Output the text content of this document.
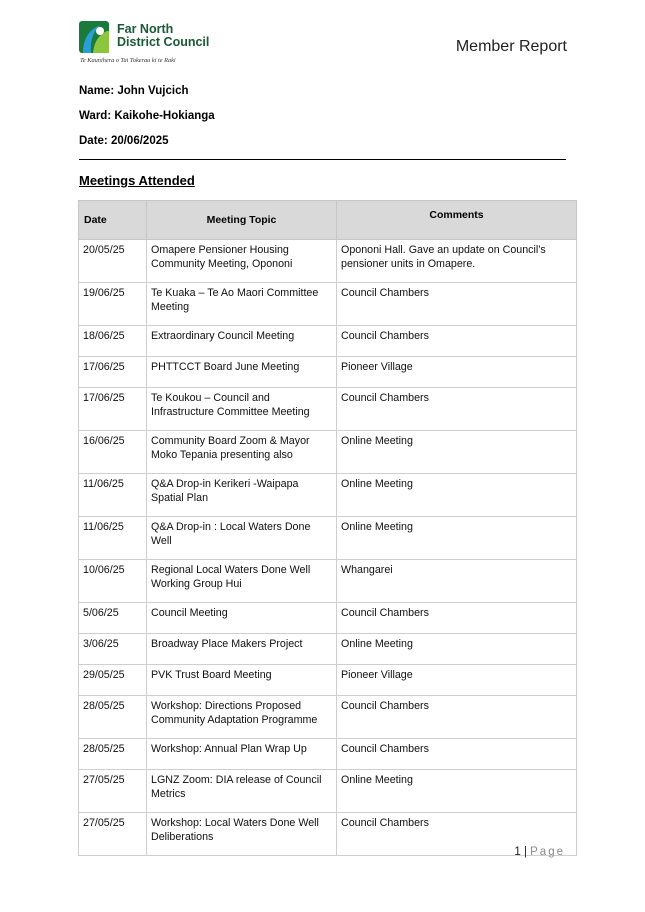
Far North
District Council
Te Kaunihera o Tai Tokerau ki te Raki
Member Report
Name: John Vujcich
Ward: Kaikohe-Hokianga
Date: 20/06/2025
Meetings Attended
Date	Meeting Topic	Comments
20/05/25	Omapere Pensioner Housing Community Meeting, Opononi	Opononi Hall. Gave an update on Council’s pensioner units in Omapere.
19/06/25	Te Kuaka – Te Ao Maori Committee Meeting	Council Chambers
18/06/25	Extraordinary Council Meeting	Council Chambers
17/06/25	PHTTCCT Board June Meeting	Pioneer Village
17/06/25	Te Koukou – Council and Infrastructure Committee Meeting	Council Chambers
16/06/25	Community Board Zoom & Mayor Moko Tepania presenting also	Online Meeting
11/06/25	Q&A Drop-in Kerikeri -Waipapa Spatial Plan	Online Meeting
11/06/25	Q&A Drop-in : Local Waters Done Well	Online Meeting
10/06/25	Regional Local Waters Done Well Working Group Hui	Whangarei
5/06/25	Council Meeting	Council Chambers
3/06/25	Broadway Place Makers Project	Online Meeting
29/05/25	PVK Trust Board Meeting	Pioneer Village
28/05/25	Workshop: Directions Proposed Community Adaptation Programme	Council Chambers
28/05/25	Workshop: Annual Plan Wrap Up	Council Chambers
27/05/25	LGNZ Zoom: DIA release of Council Metrics	Online Meeting
27/05/25	Workshop: Local Waters Done Well Deliberations	Council Chambers
1 | Page
